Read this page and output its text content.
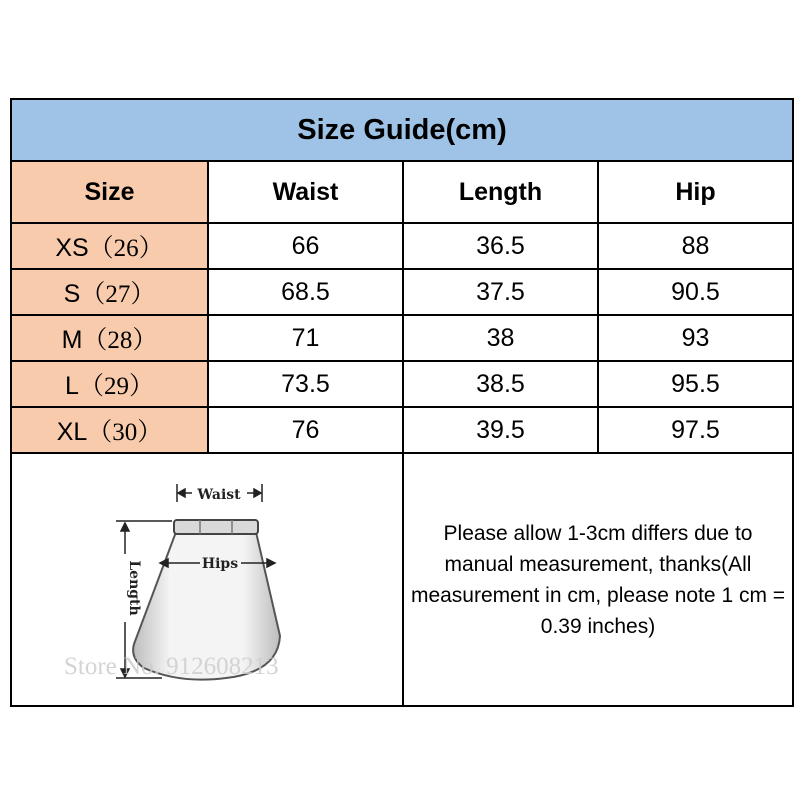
Size Guide(cm)			
Size	Waist	Length	Hip
XS（26）	66	36.5	88
S（27）	68.5	37.5	90.5
M（28）	71	38	93
L（29）	73.5	38.5	95.5
XL（30）	76	39.5	97.5

Waist
Hips
Length
Store No. 912608213		Please allow 1-3cm differs due to manual measurement, thanks(All measurement in cm, please note 1 cm = 0.39 inches)	
